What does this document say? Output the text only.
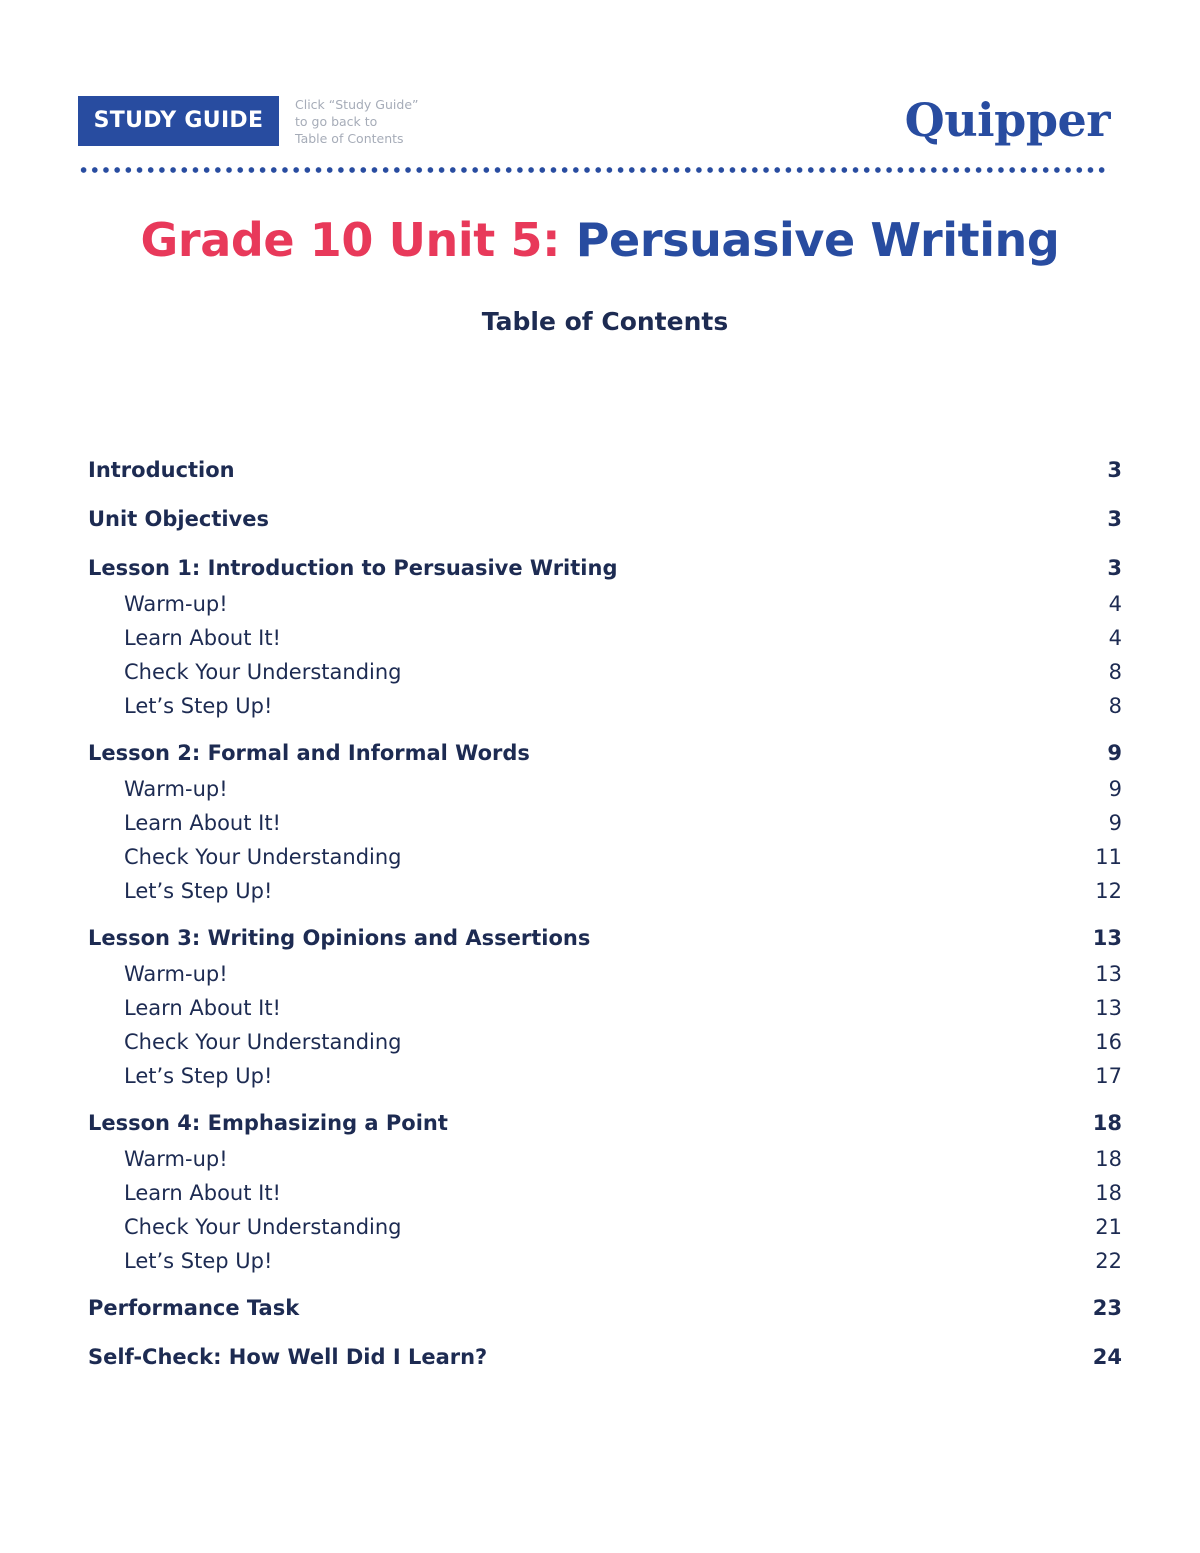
STUDY GUIDE
Click “Study Guide”
to go back to
Table of Contents	Quipper
Grade 10 Unit 5: Persuasive Writing
Table of Contents
Introduction	3
Unit Objectives	3
Lesson 1: Introduction to Persuasive Writing	3
Warm-up!	4
Learn About It!	4
Check Your Understanding	8
Let’s Step Up!	8
Lesson 2: Formal and Informal Words	9
Warm-up!	9
Learn About It!	9
Check Your Understanding	11
Let’s Step Up!	12
Lesson 3: Writing Opinions and Assertions	13
Warm-up!	13
Learn About It!	13
Check Your Understanding	16
Let’s Step Up!	17
Lesson 4: Emphasizing a Point	18
Warm-up!	18
Learn About It!	18
Check Your Understanding	21
Let’s Step Up!	22
Performance Task	23
Self-Check: How Well Did I Learn?	24
